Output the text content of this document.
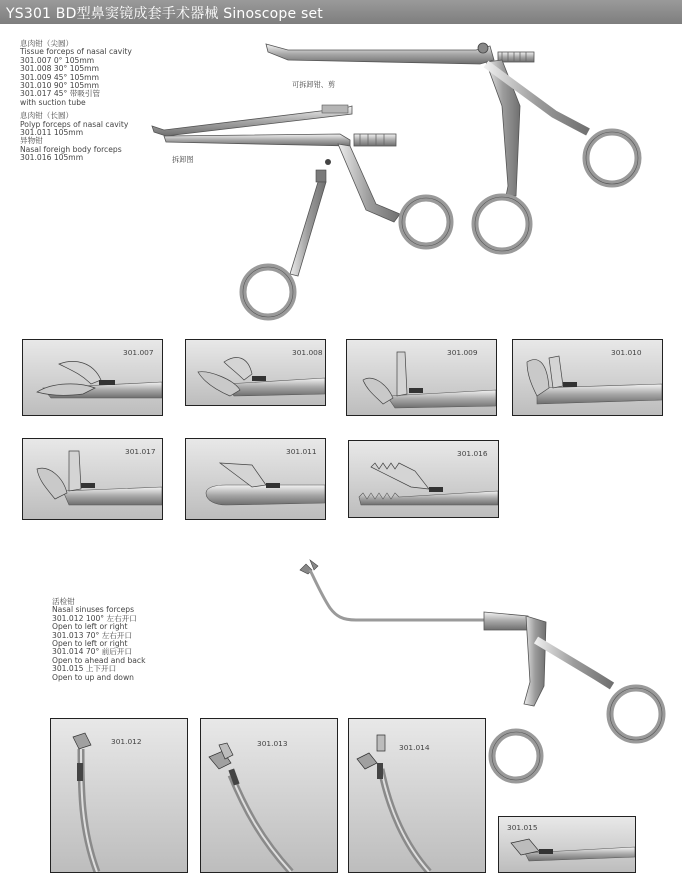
YS301 BD型鼻窦镜成套手术器械 Sinoscope set
息肉钳（尖圆）
Tissue forceps of nasal cavity
301.007 0° 105mm
301.008 30° 105mm
301.009 45° 105mm
301.010 90° 105mm
301.017 45° 带吸引管
with suction tube
息肉钳（长圆）
Polyp forceps of nasal cavity
301.011 105mm
异物钳
Nasal foreigh body forceps
301.016 105mm
可拆卸钳、剪
拆卸图
301.007	301.008	301.009	301.010
301.017	301.011	301.016
活检钳
Nasal sinuses forceps
301.012 100° 左右开口
Open to left or right
301.013 70° 左右开口
Open to left or right
301.014 70° 前后开口
Open to ahead and back
301.015 上下开口
Open to up and down
301.012	301.013	301.014
301.015
